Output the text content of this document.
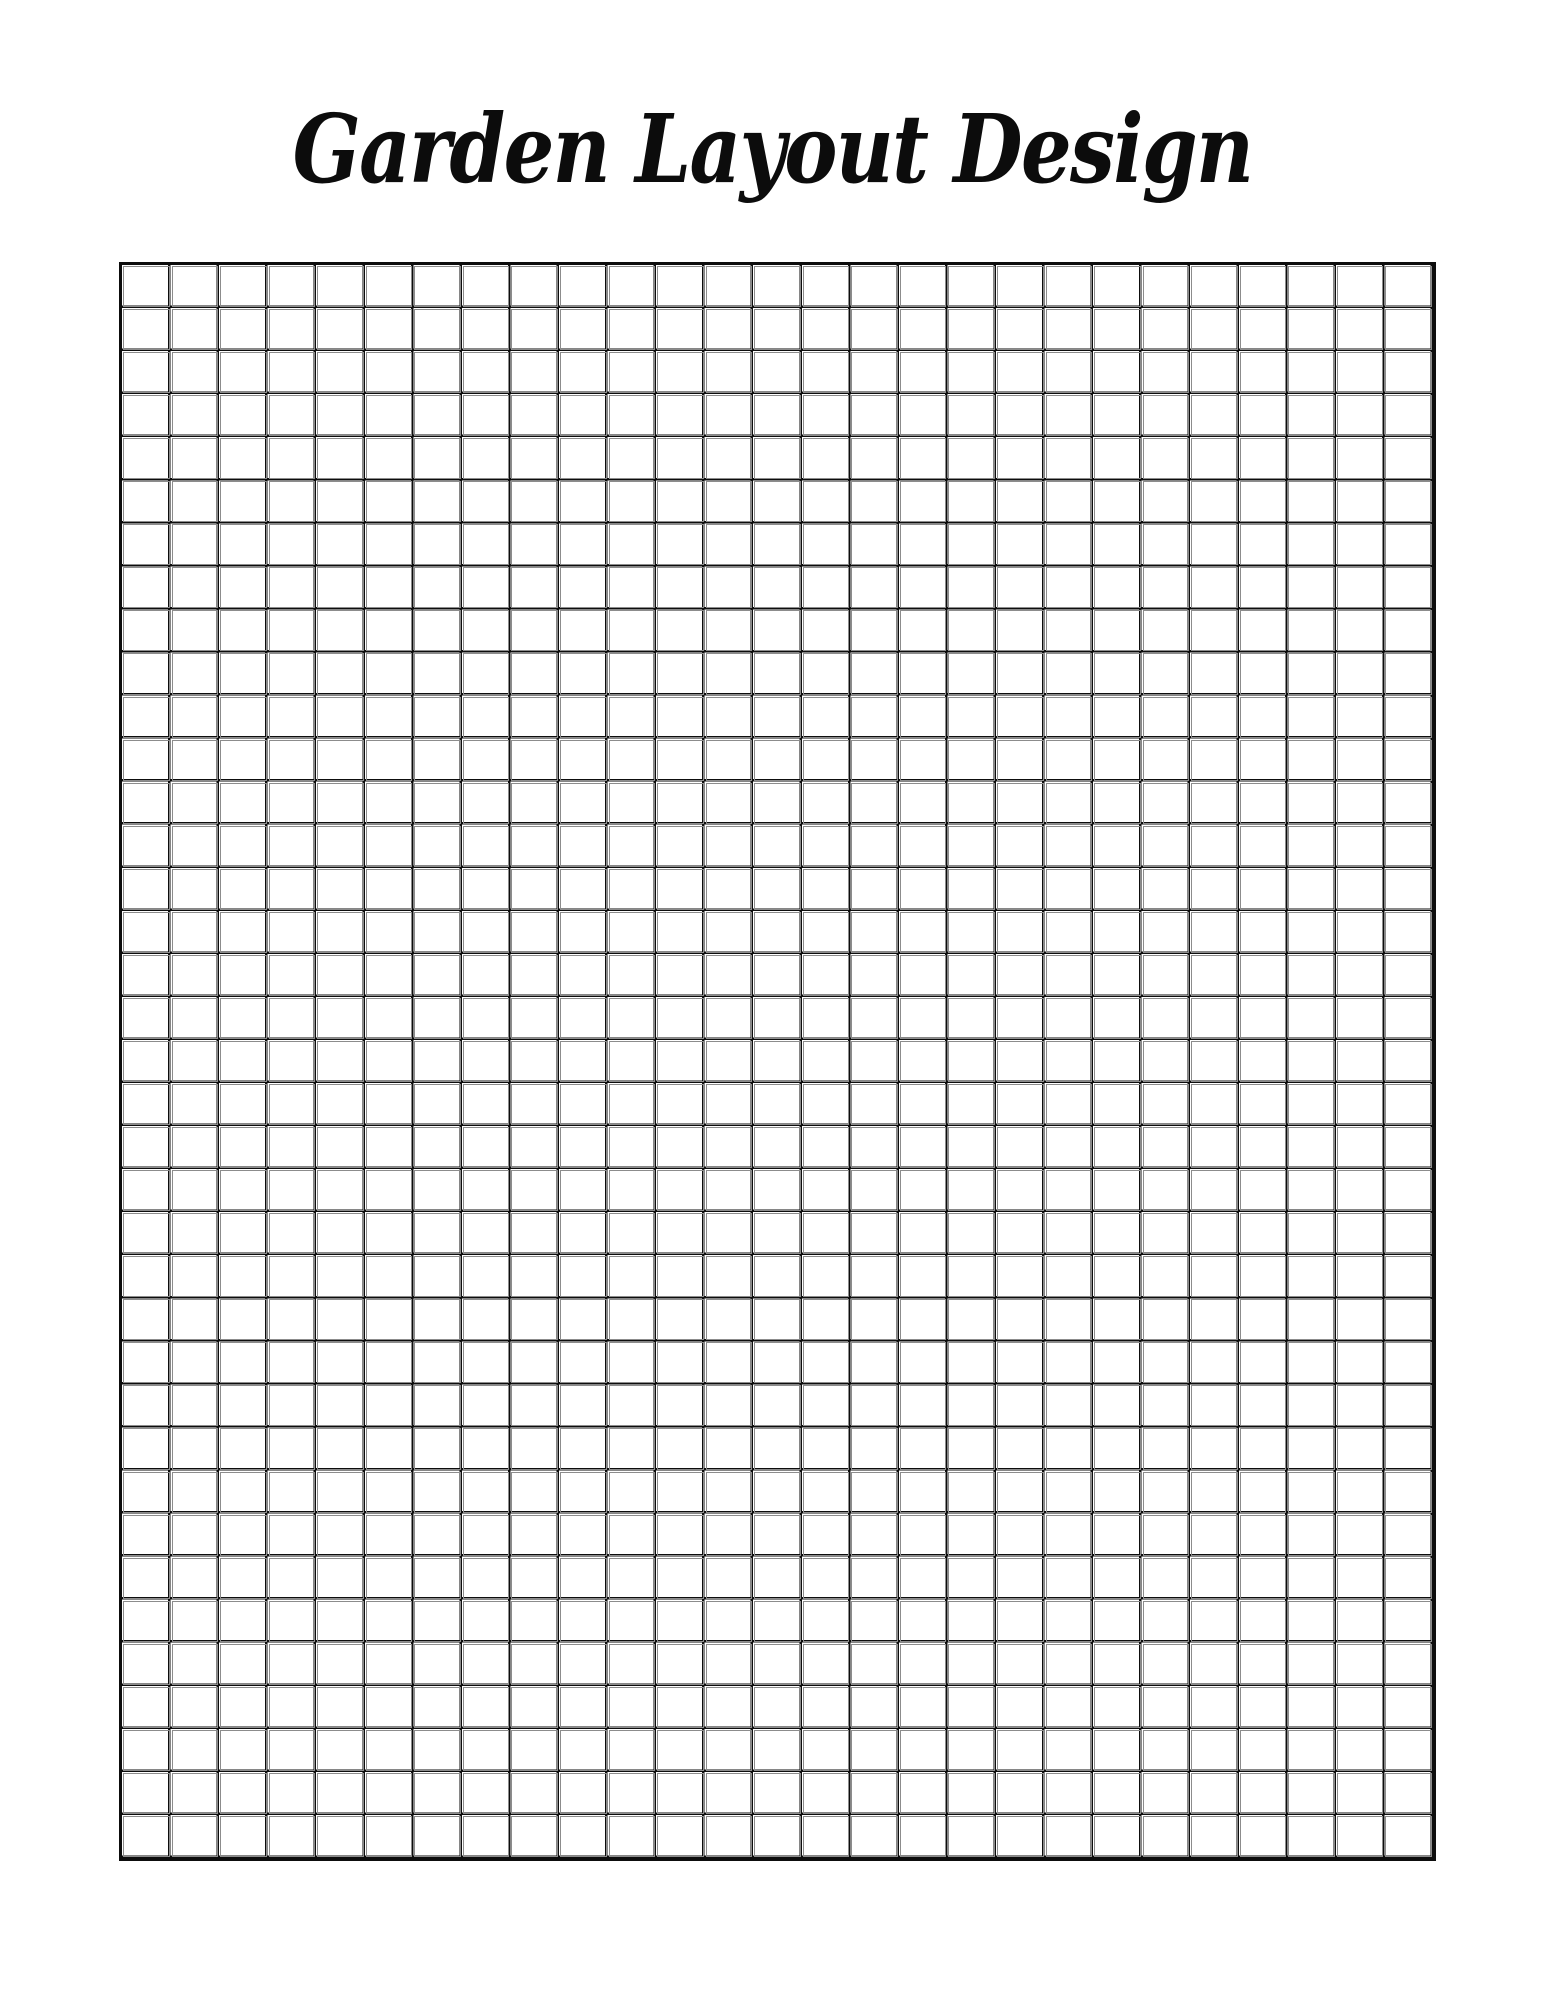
Garden Layout Design
